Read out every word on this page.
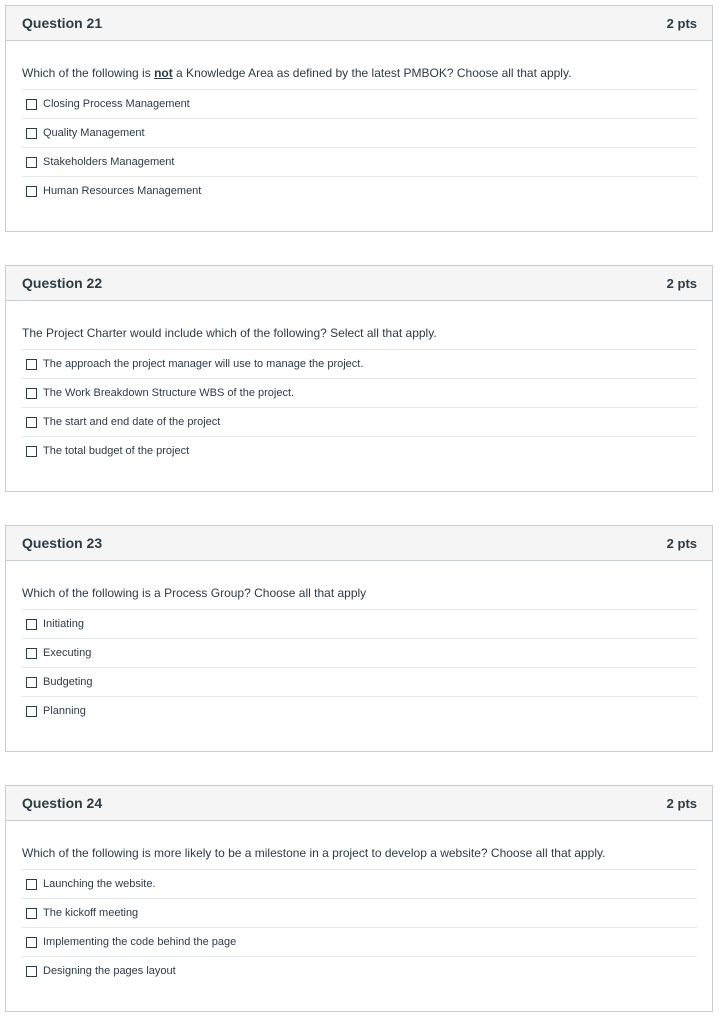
Question 21	2 pts
Which of the following is not a Knowledge Area as defined by the latest PMBOK? Choose all that apply.
Closing Process Management
Quality Management
Stakeholders Management
Human Resources Management
Question 22	2 pts
The Project Charter would include which of the following? Select all that apply.
The approach the project manager will use to manage the project.
The Work Breakdown Structure WBS of the project.
The start and end date of the project
The total budget of the project
Question 23	2 pts
Which of the following is a Process Group? Choose all that apply
Initiating
Executing
Budgeting
Planning
Question 24	2 pts
Which of the following is more likely to be a milestone in a project to develop a website? Choose all that apply.
Launching the website.
The kickoff meeting
Implementing the code behind the page
Designing the pages layout
